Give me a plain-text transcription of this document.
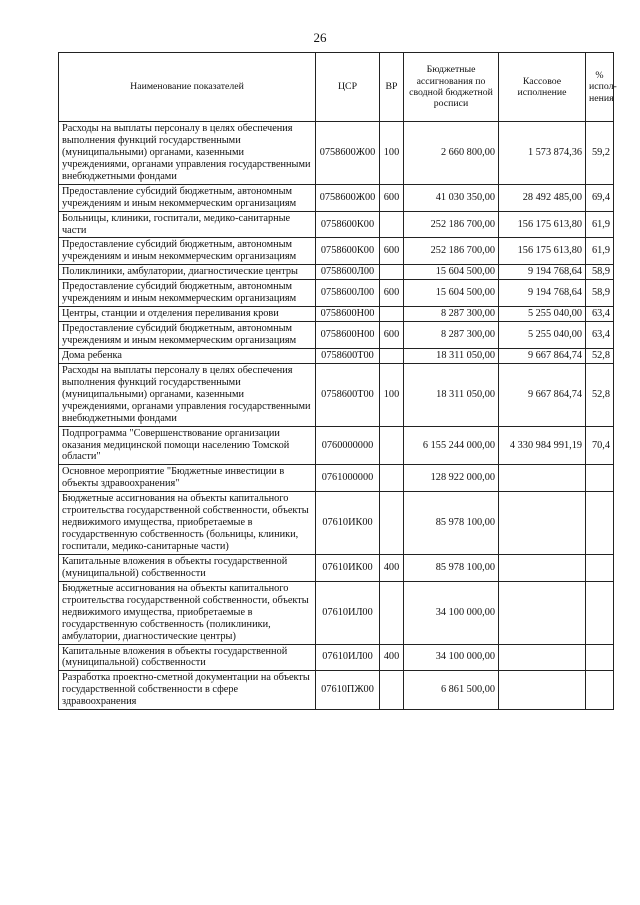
26
Наименование показателей	ЦСР	ВР	Бюджетные ассигнования по сводной бюджетной росписи	Кассовое исполнение	% испол-нения
Расходы на выплаты персоналу в целях обеспечения выполнения функций государственными (муниципальными) органами, казенными учреждениями, органами управления государственными внебюджетными фондами	0758600Ж00	100	2 660 800,00	1 573 874,36	59,2
Предоставление субсидий бюджетным, автономным учреждениям и иным некоммерческим организациям	0758600Ж00	600	41 030 350,00	28 492 485,00	69,4
Больницы, клиники, госпитали, медико-санитарные части	0758600К00		252 186 700,00	156 175 613,80	61,9
Предоставление субсидий бюджетным, автономным учреждениям и иным некоммерческим организациям	0758600К00	600	252 186 700,00	156 175 613,80	61,9
Поликлиники, амбулатории, диагностические центры	0758600Л00		15 604 500,00	9 194 768,64	58,9
Предоставление субсидий бюджетным, автономным учреждениям и иным некоммерческим организациям	0758600Л00	600	15 604 500,00	9 194 768,64	58,9
Центры, станции и отделения переливания крови	0758600Н00		8 287 300,00	5 255 040,00	63,4
Предоставление субсидий бюджетным, автономным учреждениям и иным некоммерческим организациям	0758600Н00	600	8 287 300,00	5 255 040,00	63,4
Дома ребенка	0758600Т00		18 311 050,00	9 667 864,74	52,8
Расходы на выплаты персоналу в целях обеспечения выполнения функций государственными (муниципальными) органами, казенными учреждениями, органами управления государственными внебюджетными фондами	0758600Т00	100	18 311 050,00	9 667 864,74	52,8
Подпрограмма "Совершенствование организации оказания медицинской помощи населению Томской области"	0760000000		6 155 244 000,00	4 330 984 991,19	70,4
Основное мероприятие "Бюджетные инвестиции в объекты здравоохранения"	0761000000		128 922 000,00		
Бюджетные ассигнования на объекты капитального строительства государственной собственности, объекты недвижимого имущества, приобретаемые в государственную собственность (больницы, клиники, госпитали, медико-санитарные части)	07610ИК00		85 978 100,00		
Капитальные вложения в объекты государственной (муниципальной) собственности	07610ИК00	400	85 978 100,00		
Бюджетные ассигнования на объекты капитального строительства государственной собственности, объекты недвижимого имущества, приобретаемые в государственную собственность (поликлиники, амбулатории, диагностические центры)	07610ИЛ00		34 100 000,00		
Капитальные вложения в объекты государственной (муниципальной) собственности	07610ИЛ00	400	34 100 000,00		
Разработка проектно-сметной документации на объекты государственной собственности в сфере здравоохранения	07610ПЖ00		6 861 500,00		
